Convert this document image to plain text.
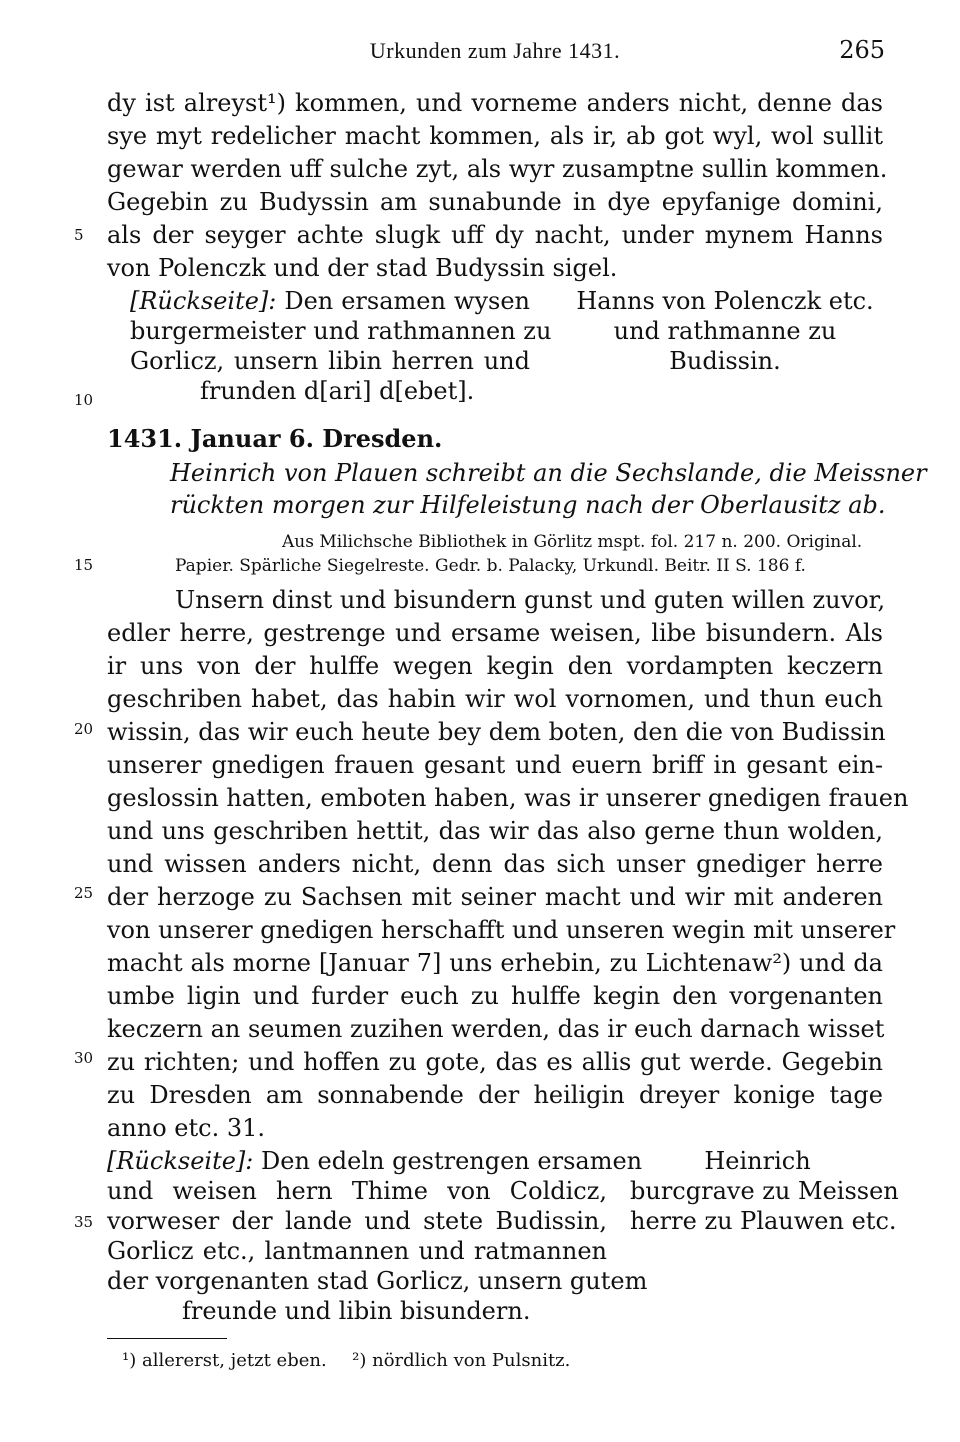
Urkunden zum Jahre 1431.	265
dy ist alreyst¹) kommen, und vorneme anders nicht, denne das
sye myt redelicher macht kommen, als ir, ab got wyl, wol sullit
gewar werden uff sulche zyt, als wyr zusamptne sullin kommen.
Gegebin zu Budyssin am sunabunde in dye epyfanige domini,
als der seyger achte slugk uff dy nacht, under mynem Hanns
von Polenczk und der stad Budyssin sigel.
[Rückseite]: Den ersamen wysen
burgermeister und rathmannen zu
Gorlicz, unsern libin herren und
frunden d[ari] d[ebet].
Hanns von Polenczk etc.
und rathmanne zu
Budissin.
1431. Januar 6. Dresden.
Heinrich von Plauen schreibt an die Sechslande, die Meissner
rückten morgen zur Hilfeleistung nach der Oberlausitz ab.
Aus Milichsche Bibliothek in Görlitz mspt. fol. 217 n. 200. Original.
Papier. Spärliche Siegelreste. Gedr. b. Palacky, Urkundl. Beitr. II S. 186 f.
Unsern dinst und bisundern gunst und guten willen zuvor,
edler herre, gestrenge und ersame weisen, libe bisundern. Als
ir uns von der hulffe wegen kegin den vordampten keczern
geschriben habet, das habin wir wol vornomen, und thun euch
wissin, das wir euch heute bey dem boten, den die von Budissin
unserer gnedigen frauen gesant und euern briff in gesant ein-
geslossin hatten, emboten haben, was ir unserer gnedigen frauen
und uns geschriben hettit, das wir das also gerne thun wolden,
und wissen anders nicht, denn das sich unser gnediger herre
der herzoge zu Sachsen mit seiner macht und wir mit anderen
von unserer gnedigen herschafft und unseren wegin mit unserer
macht als morne [Januar 7] uns erhebin, zu Lichtenaw²) und da
umbe ligin und furder euch zu hulffe kegin den vorgenanten
keczern an seumen zuzihen werden, das ir euch darnach wisset
zu richten; und hoffen zu gote, das es allis gut werde. Gegebin
zu Dresden am sonnabende der heiligin dreyer konige tage
anno etc. 31.
[Rückseite]: Den edeln gestrengen ersamen
und weisen hern Thime von Coldicz,
vorweser der lande und stete Budissin,
Gorlicz etc., lantmannen und ratmannen
der vorgenanten stad Gorlicz, unsern gutem
freunde und libin bisundern.
Heinrich
burcgrave zu Meissen
herre zu Plauwen etc.
5
10
15
20
25
30
35
¹) allererst, jetzt eben. ²) nördlich von Pulsnitz.
